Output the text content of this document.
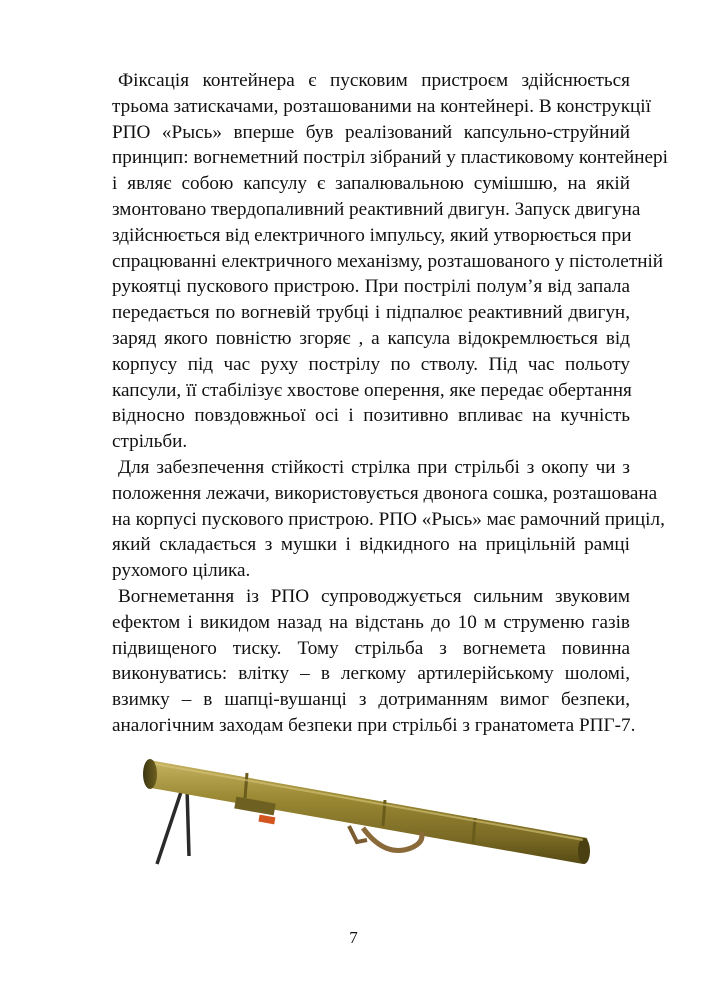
Фіксація контейнера є пусковим пристроєм здійснюється
трьома затискачами, розташованими на контейнері. В конструкції
РПО «Рысь» вперше був реалізований капсульно-струйний
принцип: вогнеметний постріл зібраний у пластиковому контейнері
і являє собою капсулу є запалювальною сумішшю, на якій
змонтовано твердопаливний реактивний двигун. Запуск двигуна
здійснюється від електричного імпульсу, який утворюється при
спрацюванні електричного механізму, розташованого у пістолетній
рукоятці пускового пристрою. При пострілі полум’я від запала
передається по вогневій трубці і підпалює реактивний двигун,
заряд якого повністю згоряє , а капсула відокремлюється від
корпусу під час руху пострілу по стволу. Під час польоту
капсули, її стабілізує хвостове оперення, яке передає обертання
відносно повздовжньої осі і позитивно впливає на кучність
стрільби.

Для забезпечення стійкості стрілка при стрільбі з окопу чи з
положення лежачи, використовується двонога сошка, розташована
на корпусі пускового пристрою. РПО «Рысь» має рамочний приціл,
який складається з мушки і відкидного на прицільній рамці
рухомого цілика.

Вогнеметання із РПО супроводжується сильним звуковим
ефектом і викидом назад на відстань до 10 м струменю газів
підвищеного тиску. Тому стрільба з вогнемета повинна
виконуватись: влітку – в легкому артилерійському шоломі,
взимку – в шапці-вушанці з дотриманням вимог безпеки,
аналогічним заходам безпеки при стрільбі з гранатомета РПГ-7.

7
